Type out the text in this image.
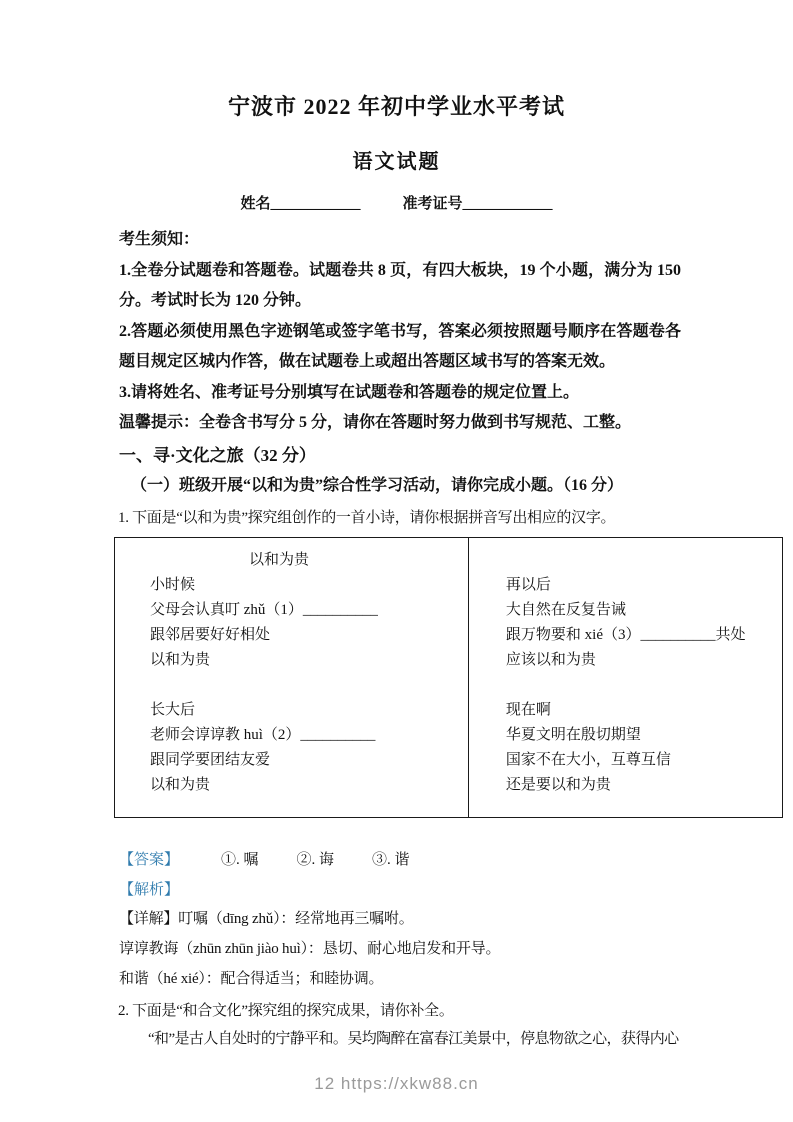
宁波市 2022 年初中学业水平考试
语文试题
姓名____________	准考证号____________

考生须知：

1.全卷分试题卷和答题卷。试题卷共 8 页，有四大板块，19 个小题，满分为 150 分。考试时长为 120 分钟。

2.答题必须使用黑色字迹钢笔或签字笔书写，答案必须按照题号顺序在答题卷各题目规定区城内作答，做在试题卷上或超出答题区域书写的答案无效。

3.请将姓名、准考证号分别填写在试题卷和答题卷的规定位置上。

温馨提示：全卷含书写分 5 分，请你在答题时努力做到书写规范、工整。

一、寻·文化之旅（32 分）
（一）班级开展“以和为贵”综合性学习活动，请你完成小题。（16 分）
1. 下面是“以和为贵”探究组创作的一首小诗，请你根据拼音写出相应的汉字。
以和为贵
小时候
父母会认真叮 zhǔ（1）__________
跟邻居要好好相处
以和为贵
长大后
老师会谆谆教 huì（2）__________
跟同学要团结友爱
以和为贵
再以后
大自然在反复告诫
跟万物要和 xié（3）__________共处
应该以和为贵
现在啊
华夏文明在殷切期望
国家不在大小，互尊互信
还是要以和为贵
【答案】	①. 嘱	②. 诲	③. 谐
【解析】
【详解】叮嘱（dīng zhǔ）：经常地再三嘱咐。
谆谆教诲（zhūn zhūn jiào huì）：恳切、耐心地启发和开导。
和谐（hé xié）：配合得适当；和睦协调。
2. 下面是“和合文化”探究组的探究成果，请你补全。
“和”是古人自处时的宁静平和。吴均陶醉在富春江美景中，停息物欲之心，获得内心
12 https://xkw88.cn
